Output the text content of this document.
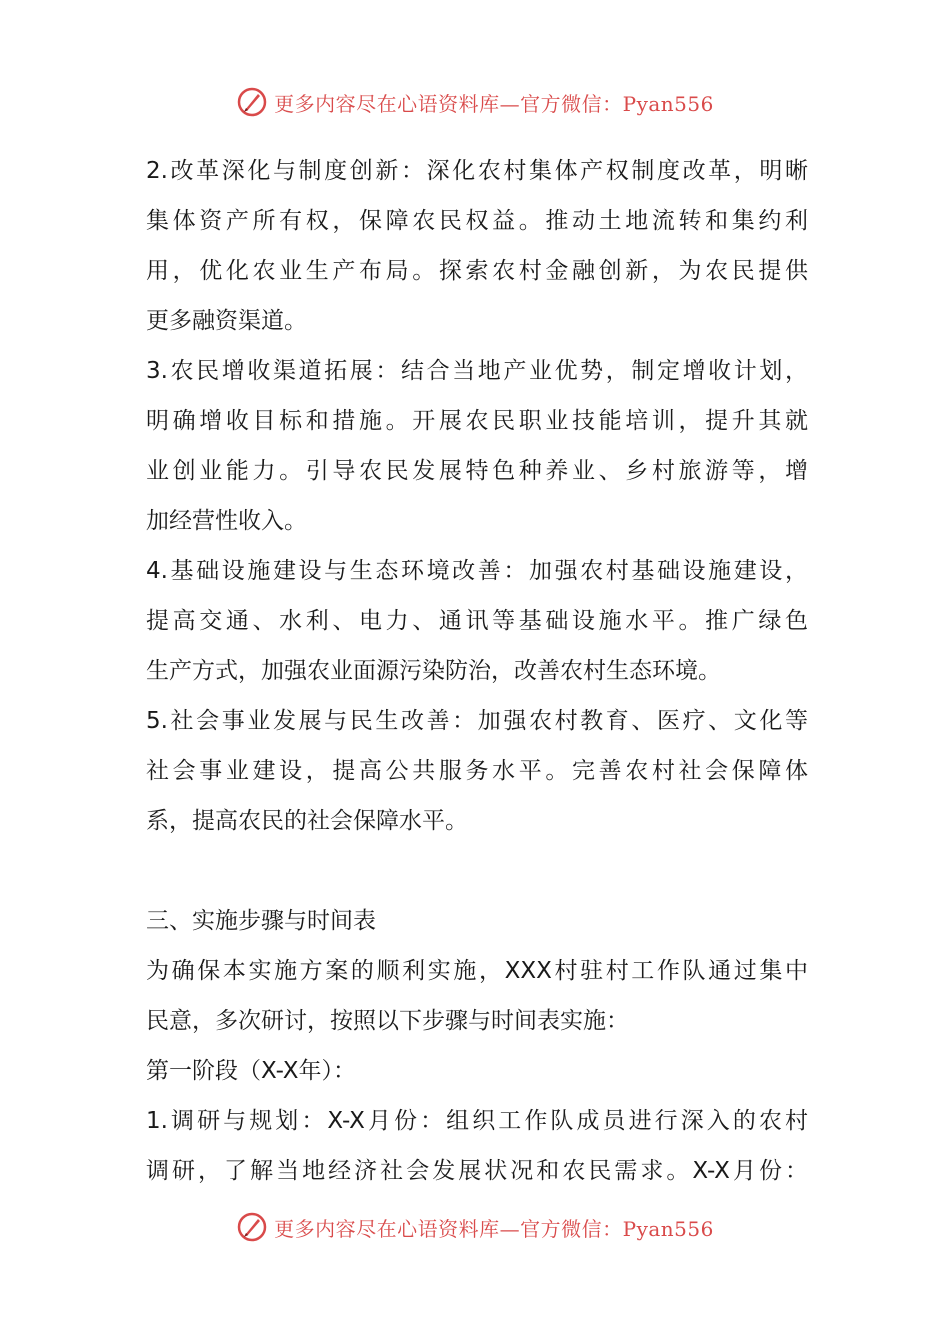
更多内容尽在心语资料库—官方微信：Pyan556
2.改革深化与制度创新：深化农村集体产权制度改革，明晰
集体资产所有权，保障农民权益。推动土地流转和集约利
用，优化农业生产布局。探索农村金融创新，为农民提供
更多融资渠道。
3.农民增收渠道拓展：结合当地产业优势，制定增收计划，
明确增收目标和措施。开展农民职业技能培训，提升其就
业创业能力。引导农民发展特色种养业、乡村旅游等，增
加经营性收入。
4.基础设施建设与生态环境改善：加强农村基础设施建设，
提高交通、水利、电力、通讯等基础设施水平。推广绿色
生产方式，加强农业面源污染防治，改善农村生态环境。
5.社会事业发展与民生改善：加强农村教育、医疗、文化等
社会事业建设，提高公共服务水平。完善农村社会保障体
系，提高农民的社会保障水平。
三、实施步骤与时间表
为确保本实施方案的顺利实施，XXX村驻村工作队通过集中
民意，多次研讨，按照以下步骤与时间表实施：
第一阶段（X-X年）：
1.调研与规划：X-X月份：组织工作队成员进行深入的农村
调研，了解当地经济社会发展状况和农民需求。X-X月份：
更多内容尽在心语资料库—官方微信：Pyan556
